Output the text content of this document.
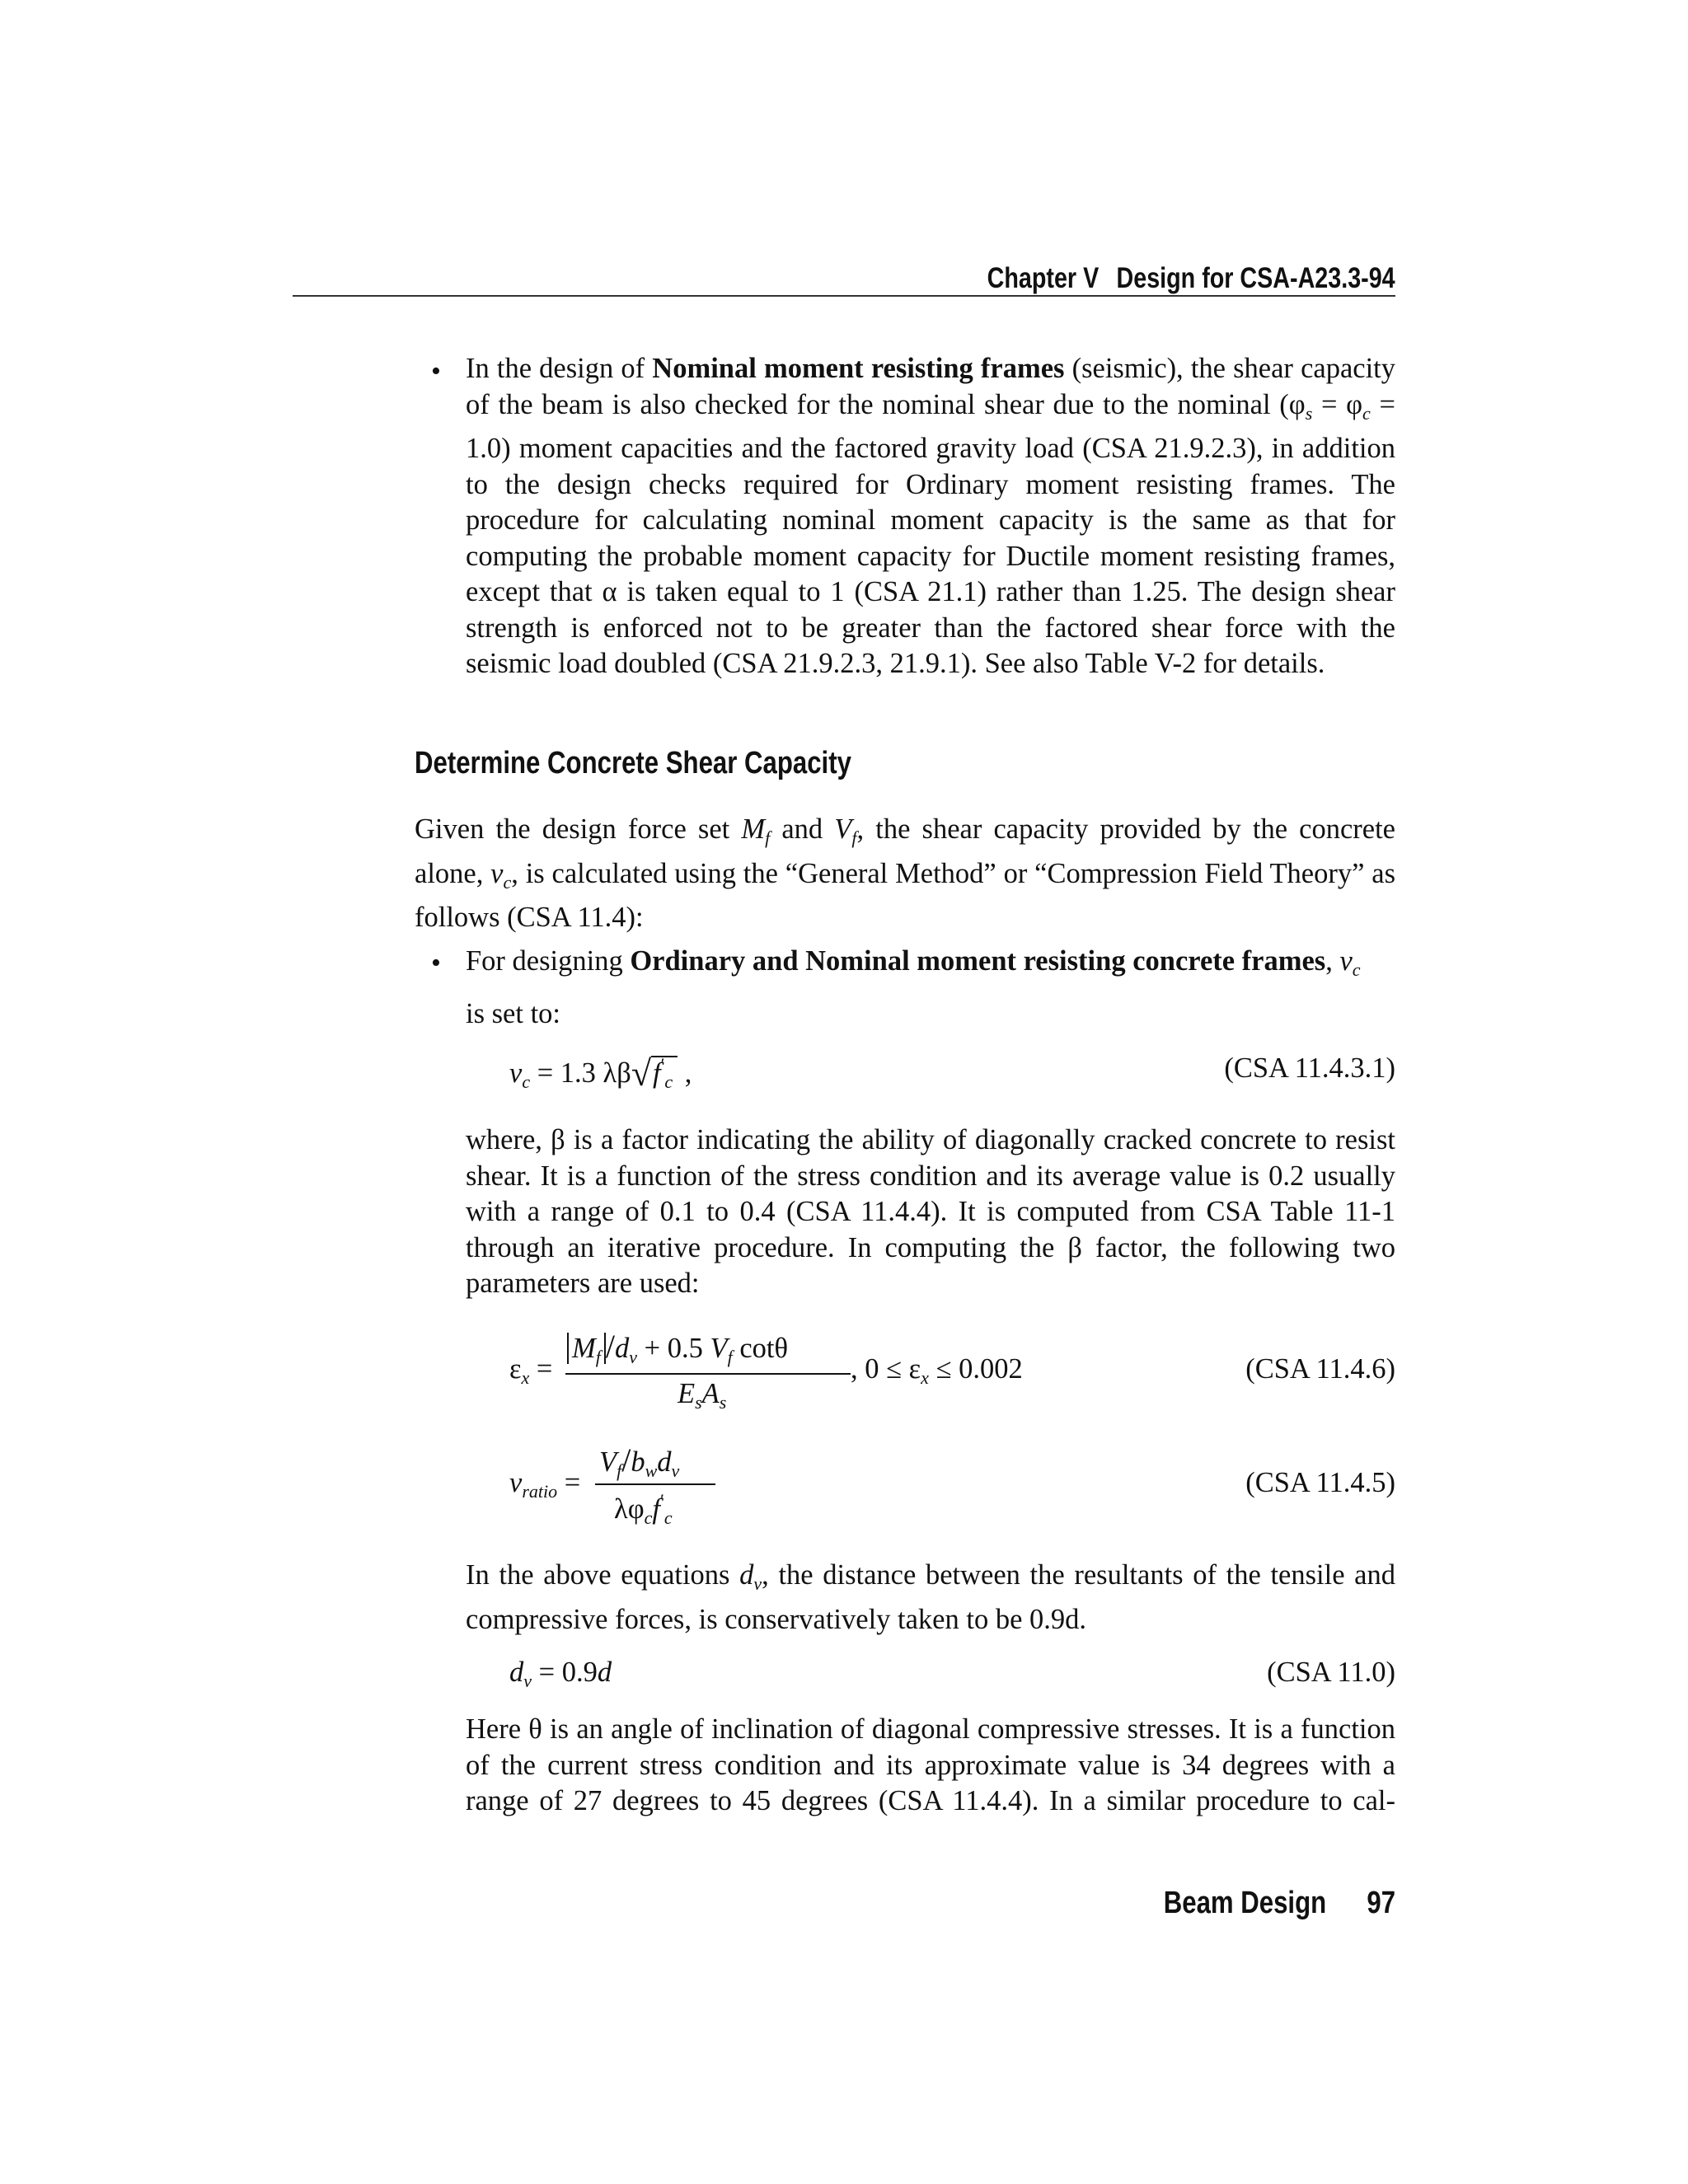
Chapter V Design for CSA-A23.3-94
• In the design of Nominal moment resisting frames (seismic), the shear capacity of the beam is also checked for the nominal shear due to the nominal $(\varphi_s = \varphi_c = 1.0)$ moment capacities and the factored gravity load (CSA 21.9.2.3), in addition to the design checks required for Ordinary moment resisting frames. The procedure for calculating nominal moment capacity is the same as that for computing the probable moment capacity for Ductile moment resisting frames, except that α is taken equal to 1 (CSA 21.1) rather than 1.25. The design shear strength is enforced not to be greater than the factored shear force with the seismic load doubled (CSA 21.9.2.3, 21.9.1). See also Table V-2 for details.
Determine Concrete Shear Capacity
Given the design force set $M_f$ and $V_f$, the shear capacity provided by the concrete alone, $v_c$, is calculated using the “General Method” or “Compression Field Theory” as follows (CSA 11.4):
• For designing Ordinary and Nominal moment resisting concrete frames, $v_c$
is set to:
$v_c = 1.3$ $\lambda\beta√f'_c$ ,	(CSA 11.4.3.1)
where, β is a factor indicating the ability of diagonally cracked concrete to resist shear. It is a function of the stress condition and its average value is 0.2 usually with a range of 0.1 to 0.4 (CSA 11.4.4). It is computed from CSA Table 11-1 through an iterative procedure. In computing the β factor, the following two parameters are used:
$\varepsilon_x$ =
$M_f$ $/d_v + 0.5$ $V_f$ cotθ
$E_sA_s$
, $0 \le \varepsilon_x \le 0.002$	(CSA 11.4.6)
$v_{ratio}$ =
$V_f/b_wd_v$
$\lambda\varphi_cf'_c$
(CSA 11.4.5)
In the above equations $d_v$, the distance between the resultants of the tensile and compressive forces, is conservatively taken to be 0.9d.
$d_v = 0.9d$	(CSA 11.0)
Here θ is an angle of inclination of diagonal compressive stresses. It is a function of the current stress condition and its approximate value is 34 degrees with a range of 27 degrees to 45 degrees (CSA 11.4.4). In a similar procedure to cal-
Beam Design 97
